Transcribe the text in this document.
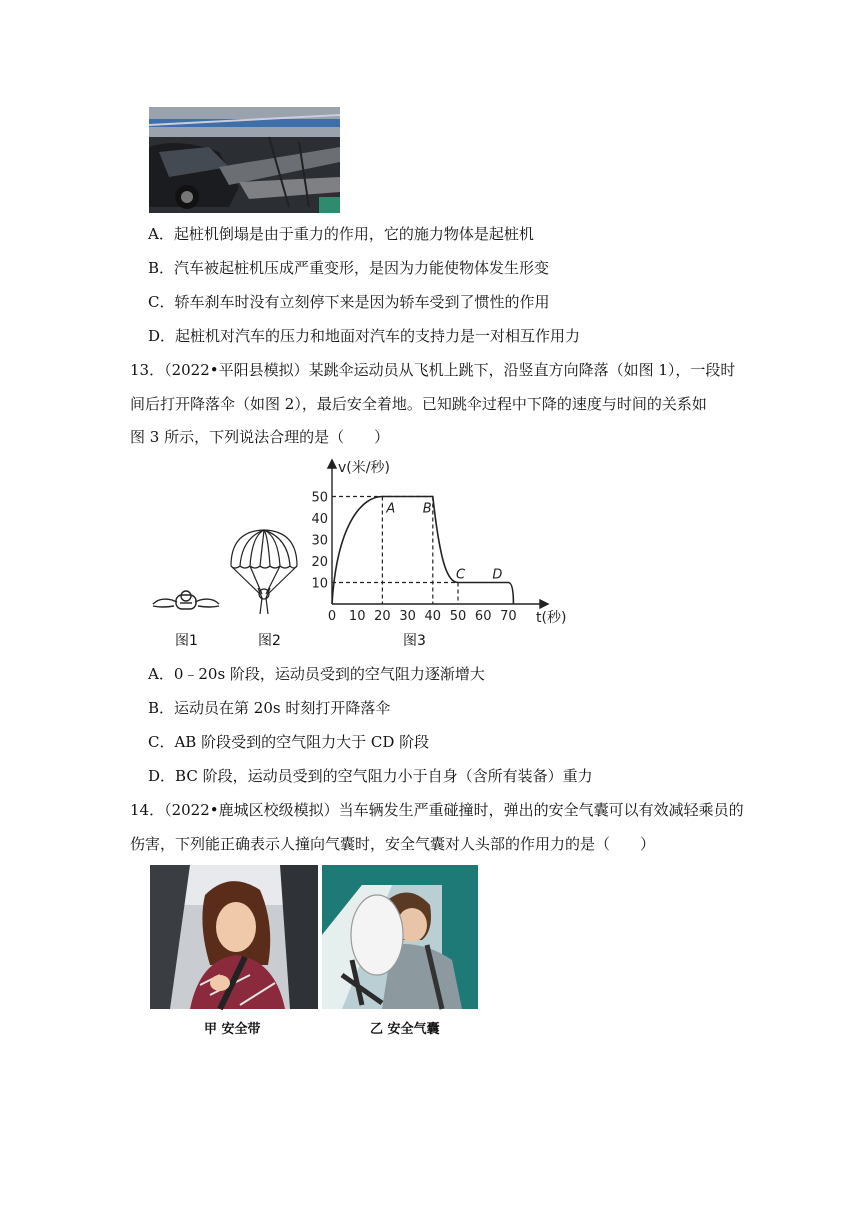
A．起桩机倒塌是由于重力的作用，它的施力物体是起桩机
B．汽车被起桩机压成严重变形，是因为力能使物体发生形变
C．轿车刹车时没有立刻停下来是因为轿车受到了惯性的作用
D．起桩机对汽车的压力和地面对汽车的支持力是一对相互作用力
13．（2022•平阳县模拟）某跳伞运动员从飞机上跳下，沿竖直方向降落（如图 1），一段时
间后打开降落伞（如图 2），最后安全着地。已知跳伞过程中下降的速度与时间的关系如
图 3 所示，下列说法合理的是（　　）
图1	图2
0 10 20 30 40 50 60 70
10
20
30
40
50
A B
C D
v(米/秒)
t(秒)
图3
A．0﹣20s 阶段，运动员受到的空气阻力逐渐增大
B．运动员在第 20s 时刻打开降落伞
C．AB 阶段受到的空气阻力大于 CD 阶段
D．BC 阶段，运动员受到的空气阻力小于自身（含所有装备）重力
14．（2022•鹿城区校级模拟）当车辆发生严重碰撞时，弹出的安全气囊可以有效减轻乘员的
伤害，下列能正确表示人撞向气囊时，安全气囊对人头部的作用力的是（　　）
甲 安全带	乙 安全气囊
